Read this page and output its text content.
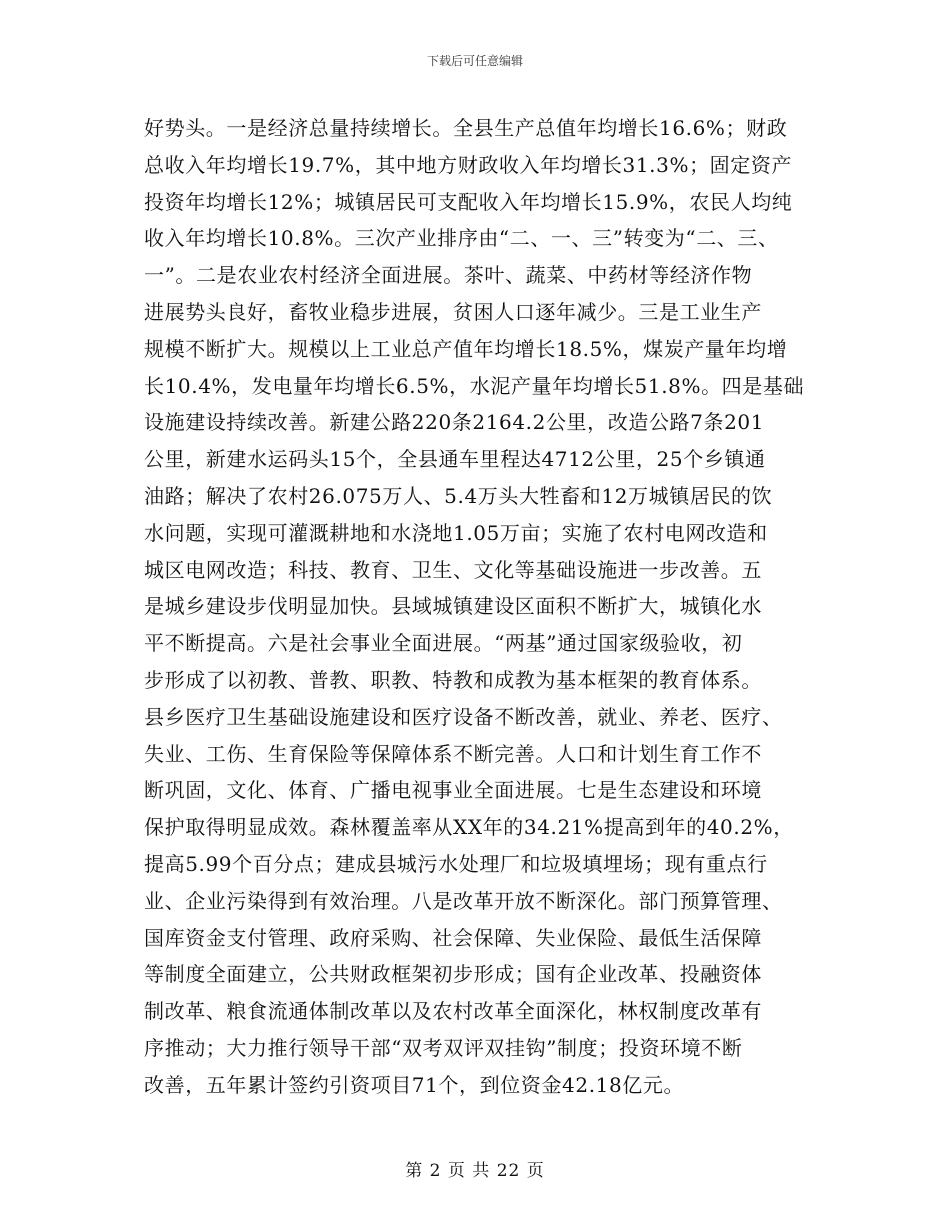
下载后可任意编辑
好势头。一是经济总量持续增长。全县生产总值年均增长16.6%；财政
总收入年均增长19.7%，其中地方财政收入年均增长31.3%；固定资产
投资年均增长12%；城镇居民可支配收入年均增长15.9%，农民人均纯
收入年均增长10.8%。三次产业排序由“二、一、三”转变为“二、三、
一”。二是农业农村经济全面进展。茶叶、蔬菜、中药材等经济作物
进展势头良好，畜牧业稳步进展，贫困人口逐年减少。三是工业生产
规模不断扩大。规模以上工业总产值年均增长18.5%，煤炭产量年均增
长10.4%，发电量年均增长6.5%，水泥产量年均增长51.8%。四是基础
设施建设持续改善。新建公路220条2164.2公里，改造公路7条201
公里，新建水运码头15个，全县通车里程达4712公里，25个乡镇通
油路；解决了农村26.075万人、5.4万头大牲畜和12万城镇居民的饮
水问题，实现可灌溉耕地和水浇地1.05万亩；实施了农村电网改造和
城区电网改造；科技、教育、卫生、文化等基础设施进一步改善。五
是城乡建设步伐明显加快。县域城镇建设区面积不断扩大，城镇化水
平不断提高。六是社会事业全面进展。“两基”通过国家级验收，初
步形成了以初教、普教、职教、特教和成教为基本框架的教育体系。
县乡医疗卫生基础设施建设和医疗设备不断改善，就业、养老、医疗、
失业、工伤、生育保险等保障体系不断完善。人口和计划生育工作不
断巩固，文化、体育、广播电视事业全面进展。七是生态建设和环境
保护取得明显成效。森林覆盖率从XX年的34.21%提高到年的40.2%，
提高5.99个百分点；建成县城污水处理厂和垃圾填埋场；现有重点行
业、企业污染得到有效治理。八是改革开放不断深化。部门预算管理、
国库资金支付管理、政府采购、社会保障、失业保险、最低生活保障
等制度全面建立，公共财政框架初步形成；国有企业改革、投融资体
制改革、粮食流通体制改革以及农村改革全面深化，林权制度改革有
序推动；大力推行领导干部“双考双评双挂钩”制度；投资环境不断
改善，五年累计签约引资项目71个，到位资金42.18亿元。
第 2 页 共 22 页
